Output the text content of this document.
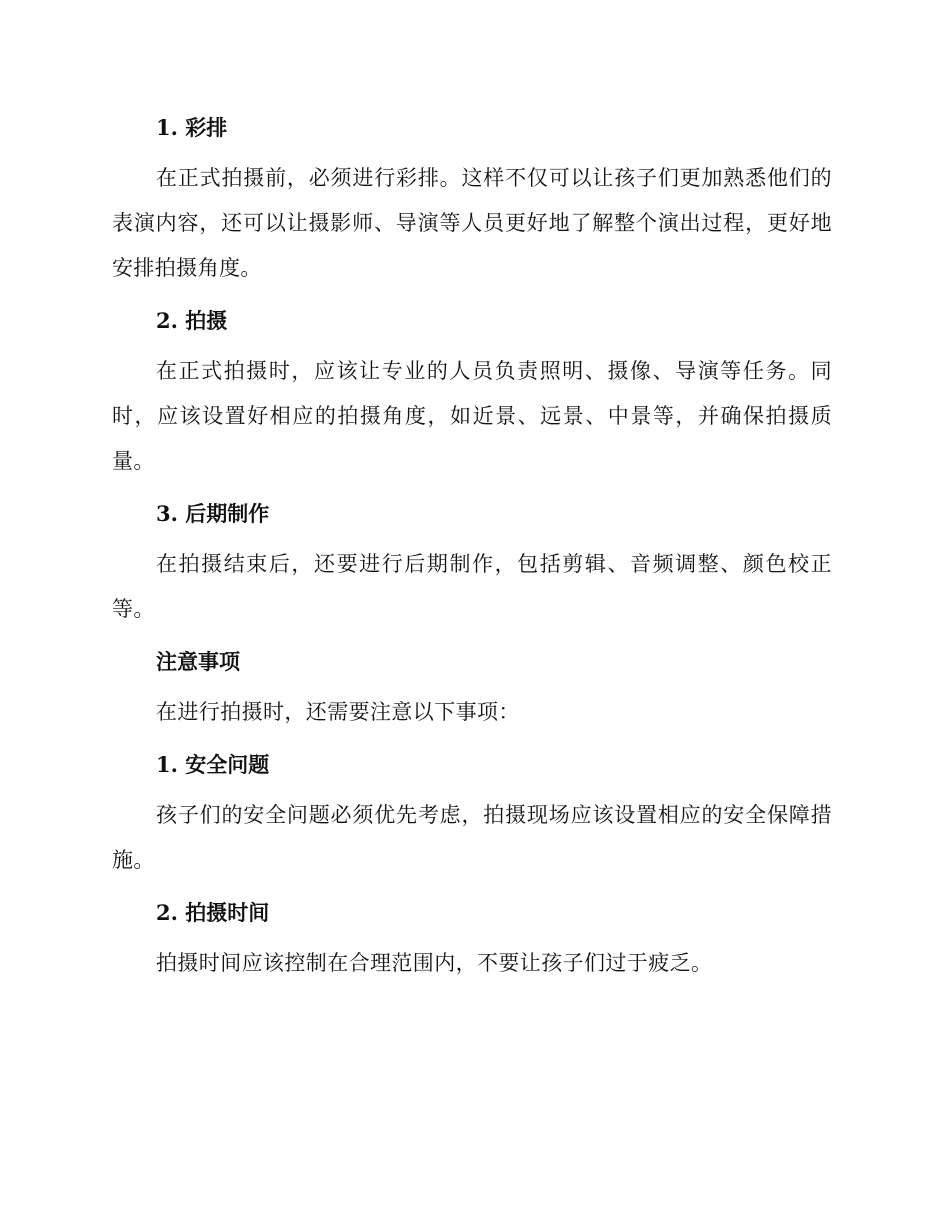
1. 彩排

在正式拍摄前，必须进行彩排。这样不仅可以让孩子们更加熟悉他们的表演内容，还可以让摄影师、导演等人员更好地了解整个演出过程，更好地安排拍摄角度。

2. 拍摄

在正式拍摄时，应该让专业的人员负责照明、摄像、导演等任务。同时，应该设置好相应的拍摄角度，如近景、远景、中景等，并确保拍摄质量。

3. 后期制作

在拍摄结束后，还要进行后期制作，包括剪辑、音频调整、颜色校正等。

注意事项

在进行拍摄时，还需要注意以下事项：

1. 安全问题

孩子们的安全问题必须优先考虑，拍摄现场应该设置相应的安全保障措施。

2. 拍摄时间

拍摄时间应该控制在合理范围内，不要让孩子们过于疲乏。
